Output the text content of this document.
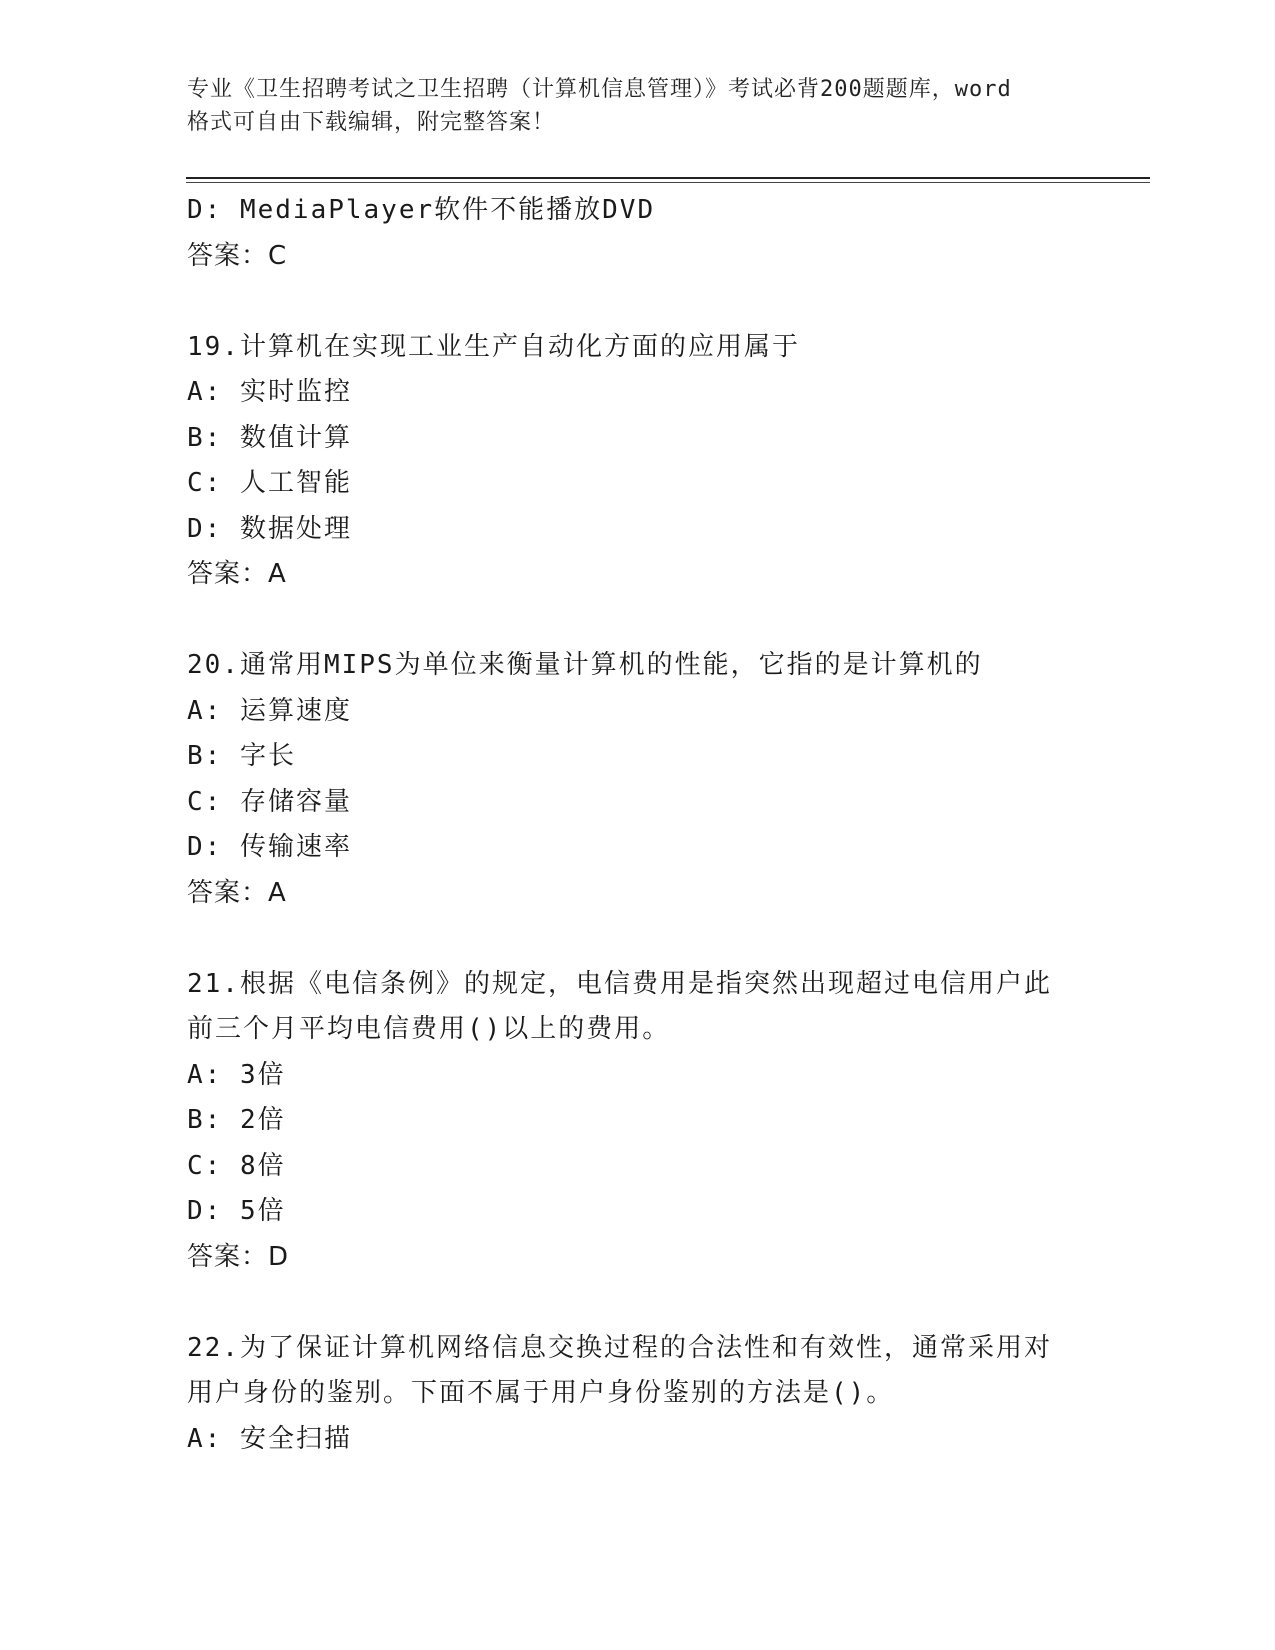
专业《卫生招聘考试之卫生招聘（计算机信息管理）》考试必背200题题库，word
格式可自由下载编辑，附完整答案！
D: MediaPlayer软件不能播放DVD
答案：C
19.计算机在实现工业生产自动化方面的应用属于
A: 实时监控
B: 数值计算
C: 人工智能
D: 数据处理
答案：A
20.通常用MIPS为单位来衡量计算机的性能，它指的是计算机的
A: 运算速度
B: 字长
C: 存储容量
D: 传输速率
答案：A
21.根据《电信条例》的规定，电信费用是指突然出现超过电信用户此
前三个月平均电信费用()以上的费用。
A: 3倍
B: 2倍
C: 8倍
D: 5倍
答案：D
22.为了保证计算机网络信息交换过程的合法性和有效性，通常采用对
用户身份的鉴别。下面不属于用户身份鉴别的方法是()。
A: 安全扫描
